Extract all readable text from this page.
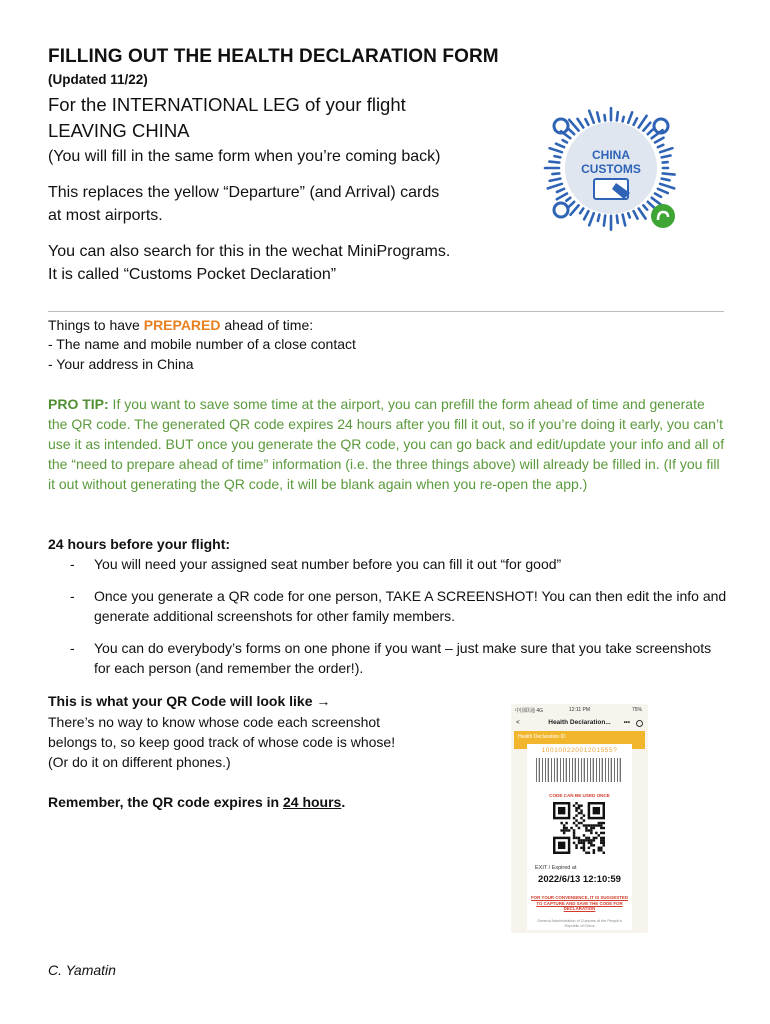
FILLING OUT THE HEALTH DECLARATION FORM
(Updated 11/22)
For the INTERNATIONAL LEG of your flight
LEAVING CHINA
(You will fill in the same form when you’re coming back)
This replaces the yellow “Departure” (and Arrival) cards
at most airports.
You can also search for this in the wechat MiniPrograms.
It is called “Customs Pocket Declaration”
CHINA
CUSTOMS
Things to have PREPARED ahead of time:
- The name and mobile number of a close contact
- Your address in China
PRO TIP: If you want to save some time at the airport, you can prefill the form ahead of time and generate the QR code. The generated QR code expires 24 hours after you fill it out, so if you’re doing it early, you can’t use it as intended. BUT once you generate the QR code, you can go back and edit/update your info and all of the “need to prepare ahead of time” information (i.e. the three things above) will already be filled in. (If you fill it out without generating the QR code, it will be blank again when you re-open the app.)
24 hours before your flight:
- You will need your assigned seat number before you can fill it out “for good”
- Once you generate a QR code for one person, TAKE A SCREENSHOT! You can then edit the info and generate additional screenshots for other family members.
- You can do everybody’s forms on one phone if you want – just make sure that you take screenshots for each person (and remember the order!).
This is what your QR Code will look like →
There’s no way to know whose code each screenshot
belongs to, so keep good track of whose code is whose!
(Or do it on different phones.)
Remember, the QR code expires in 24 hours.
中国联通 4G	12:11 PM	75%
<	Health Declaration... •••
Health Declaration ID
10010022001201555?
CODE CAN BE USED ONCE
EXIT / Expired at
2022/6/13 12:10:59
FOR YOUR CONVENIENCE, IT IS SUGGESTED TO CAPTURE AND SAVE THE CODE FOR DECLARATION
General Administration of Customs of the People's Republic of China
C. Yamatin
